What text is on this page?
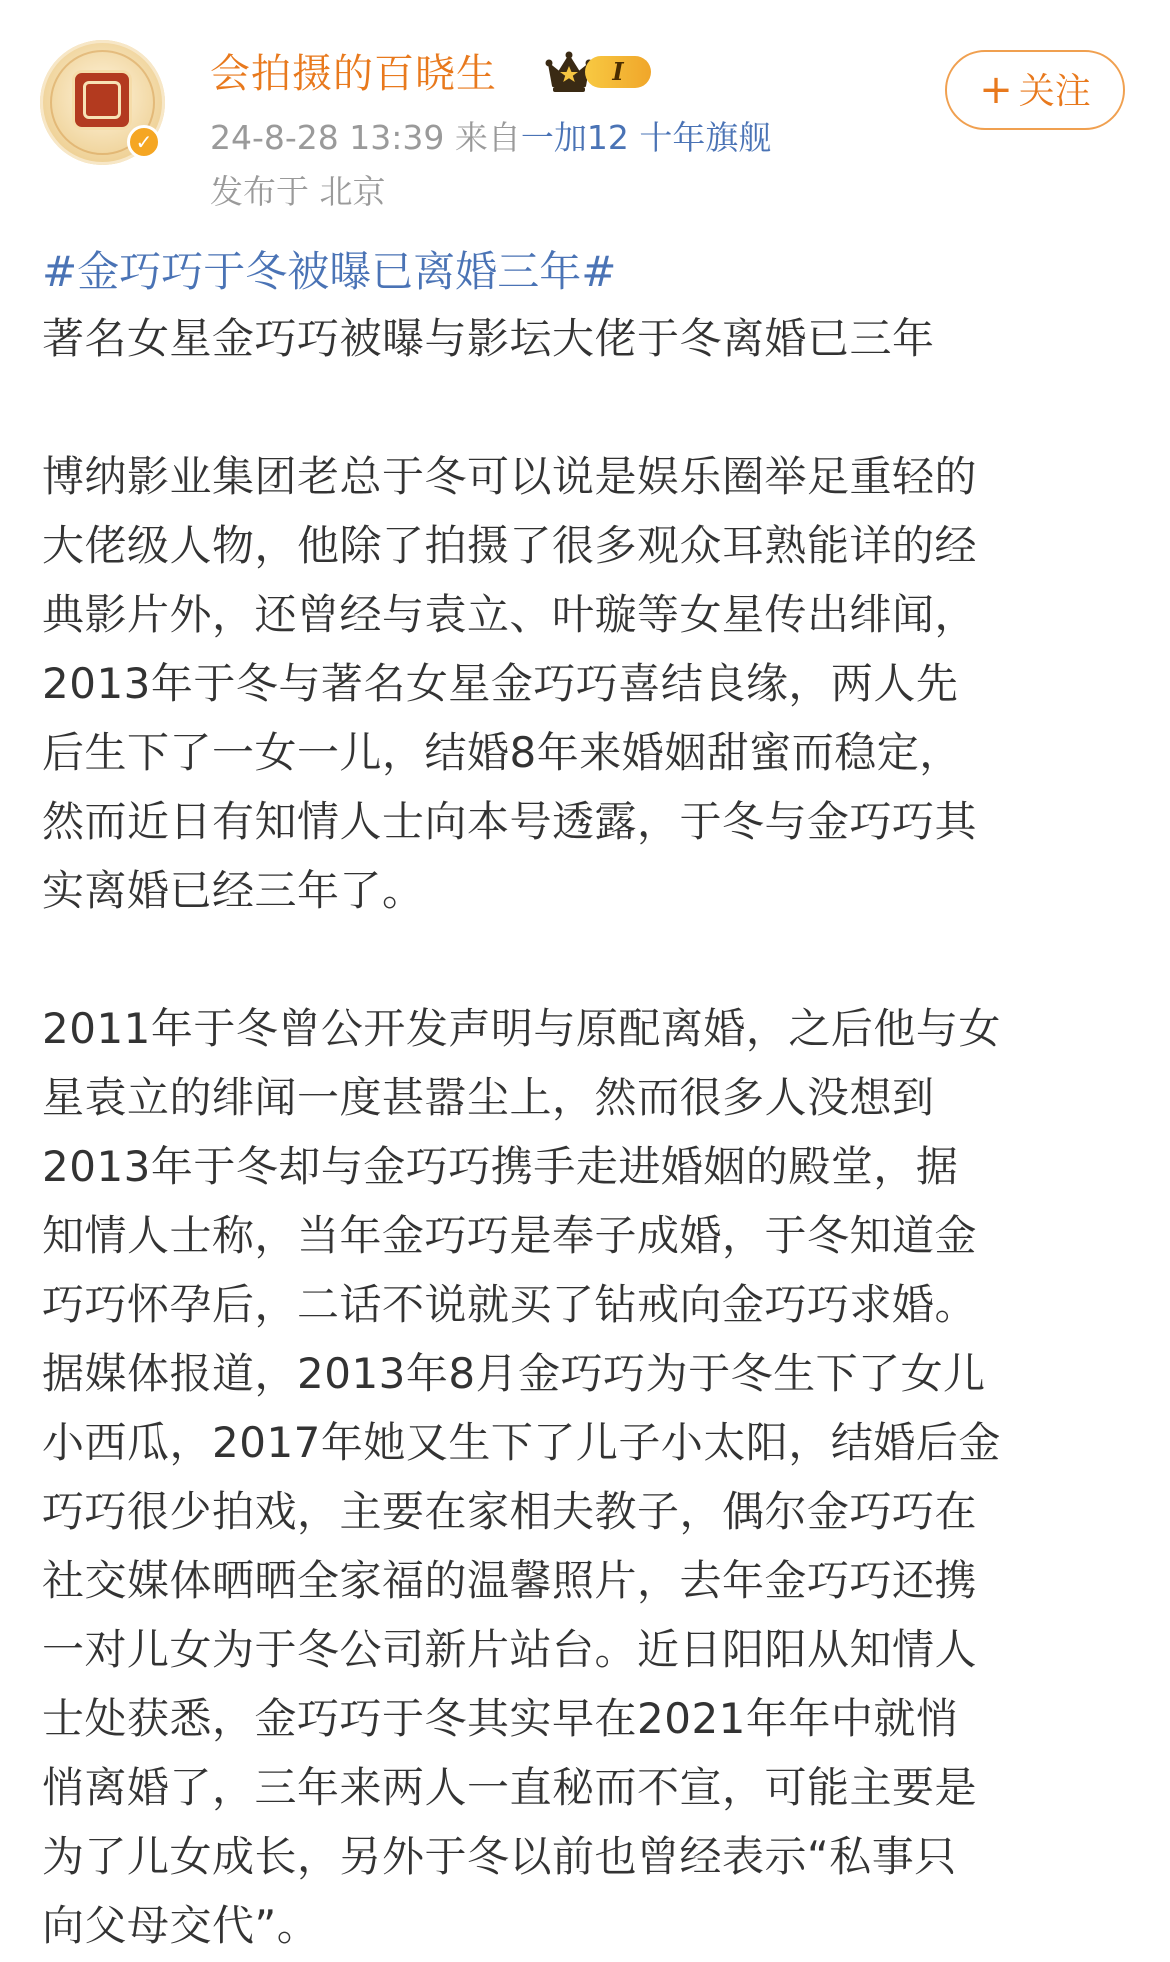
✓
会拍摄的百晓生	I
24-8-28 13:39 来自一加12 十年旗舰
发布于 北京
+ 关注
#金巧巧于冬被曝已离婚三年#
著名女星金巧巧被曝与影坛大佬于冬离婚已三年
博纳影业集团老总于冬可以说是娱乐圈举足重轻的
大佬级人物，他除了拍摄了很多观众耳熟能详的经
典影片外，还曾经与袁立、叶璇等女星传出绯闻，
2013年于冬与著名女星金巧巧喜结良缘，两人先
后生下了一女一儿，结婚8年来婚姻甜蜜而稳定，
然而近日有知情人士向本号透露，于冬与金巧巧其
实离婚已经三年了。
2011年于冬曾公开发声明与原配离婚，之后他与女
星袁立的绯闻一度甚嚣尘上，然而很多人没想到
2013年于冬却与金巧巧携手走进婚姻的殿堂，据
知情人士称，当年金巧巧是奉子成婚，于冬知道金
巧巧怀孕后，二话不说就买了钻戒向金巧巧求婚。
据媒体报道，2013年8月金巧巧为于冬生下了女儿
小西瓜，2017年她又生下了儿子小太阳，结婚后金
巧巧很少拍戏，主要在家相夫教子，偶尔金巧巧在
社交媒体晒晒全家福的温馨照片，去年金巧巧还携
一对儿女为于冬公司新片站台。近日阳阳从知情人
士处获悉，金巧巧于冬其实早在2021年年中就悄
悄离婚了，三年来两人一直秘而不宣，可能主要是
为了儿女成长，另外于冬以前也曾经表示“私事只
向父母交代”。
